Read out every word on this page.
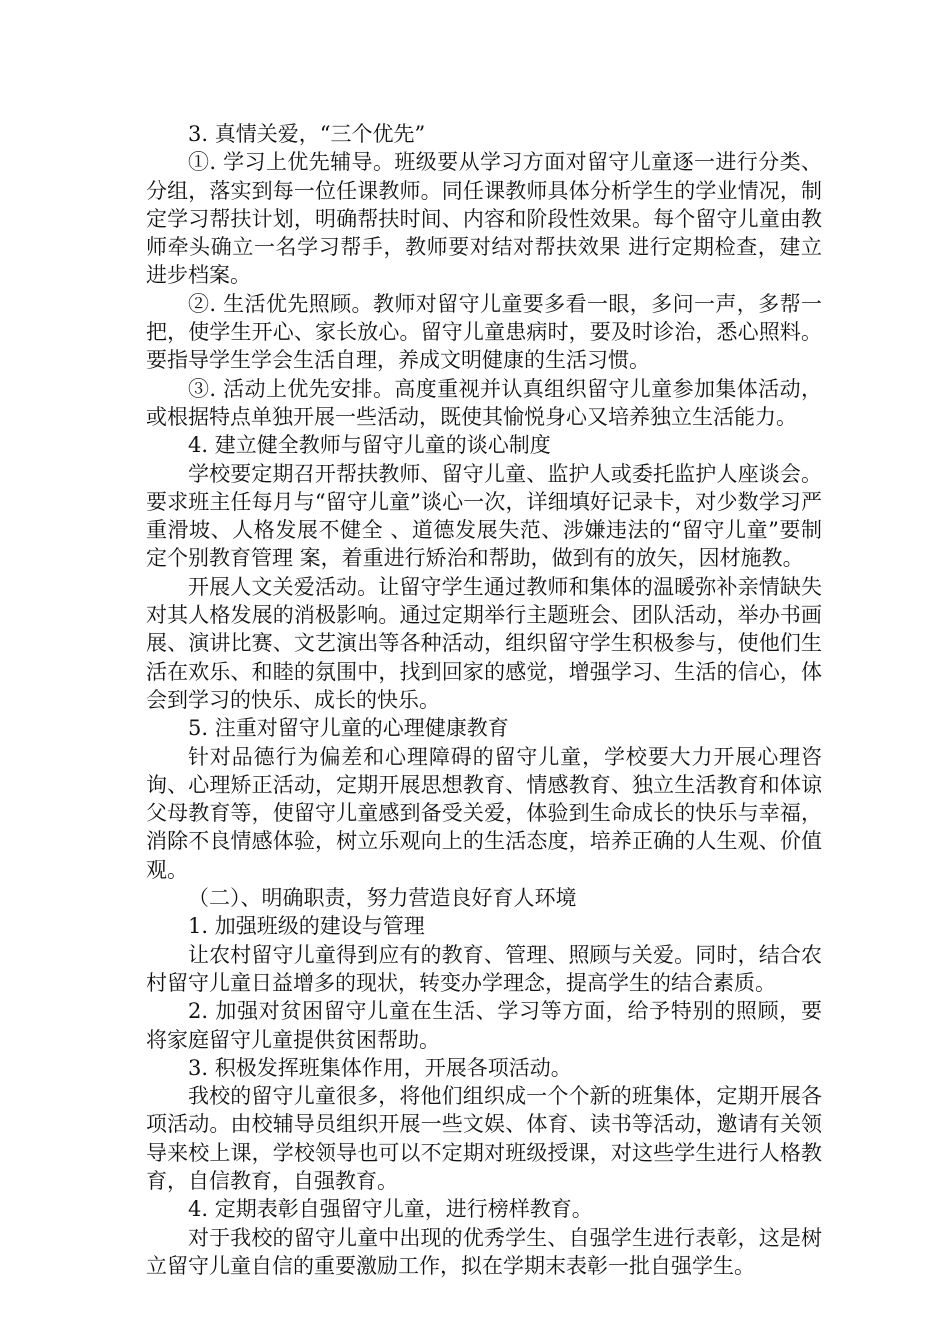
3. 真情关爱，“三个优先”

①. 学习上优先辅导。班级要从学习方面对留守儿童逐一进行分类、分组，落实到每一位任课教师。同任课教师具体分析学生的学业情况，制定学习帮扶计划，明确帮扶时间、内容和阶段性效果。每个留守儿童由教师牵头确立一名学习帮手，教师要对结对帮扶效果 进行定期检查，建立进步档案。

②. 生活优先照顾。教师对留守儿童要多看一眼，多问一声，多帮一把，使学生开心、家长放心。留守儿童患病时，要及时诊治，悉心照料。要指导学生学会生活自理，养成文明健康的生活习惯。

③. 活动上优先安排。高度重视并认真组织留守儿童参加集体活动，或根据特点单独开展一些活动，既使其愉悦身心又培养独立生活能力。

4. 建立健全教师与留守儿童的谈心制度

学校要定期召开帮扶教师、留守儿童、监护人或委托监护人座谈会。要求班主任每月与“留守儿童”谈心一次，详细填好记录卡，对少数学习严重滑坡、人格发展不健全 、道德发展失范、涉嫌违法的“留守儿童”要制定个别教育管理 案，着重进行矫治和帮助，做到有的放矢，因材施教。

开展人文关爱活动。让留守学生通过教师和集体的温暖弥补亲情缺失对其人格发展的消极影响。通过定期举行主题班会、团队活动，举办书画展、演讲比赛、文艺演出等各种活动，组织留守学生积极参与，使他们生活在欢乐、和睦的氛围中，找到回家的感觉，增强学习、生活的信心，体会到学习的快乐、成长的快乐。

5. 注重对留守儿童的心理健康教育

针对品德行为偏差和心理障碍的留守儿童，学校要大力开展心理咨询、心理矫正活动，定期开展思想教育、情感教育、独立生活教育和体谅父母教育等，使留守儿童感到备受关爱，体验到生命成长的快乐与幸福，消除不良情感体验，树立乐观向上的生活态度，培养正确的人生观、价值观。

（二）、明确职责，努力营造良好育人环境

1. 加强班级的建设与管理

让农村留守儿童得到应有的教育、管理、照顾与关爱。同时，结合农村留守儿童日益增多的现状，转变办学理念，提高学生的结合素质。

2. 加强对贫困留守儿童在生活、学习等方面，给予特别的照顾，要将家庭留守儿童提供贫困帮助。

3. 积极发挥班集体作用，开展各项活动。

我校的留守儿童很多，将他们组织成一个个新的班集体，定期开展各项活动。由校辅导员组织开展一些文娱、体育、读书等活动，邀请有关领导来校上课，学校领导也可以不定期对班级授课，对这些学生进行人格教育，自信教育，自强教育。

4. 定期表彰自强留守儿童，进行榜样教育。

对于我校的留守儿童中出现的优秀学生、自强学生进行表彰，这是树立留守儿童自信的重要激励工作，拟在学期末表彰一批自强学生。
